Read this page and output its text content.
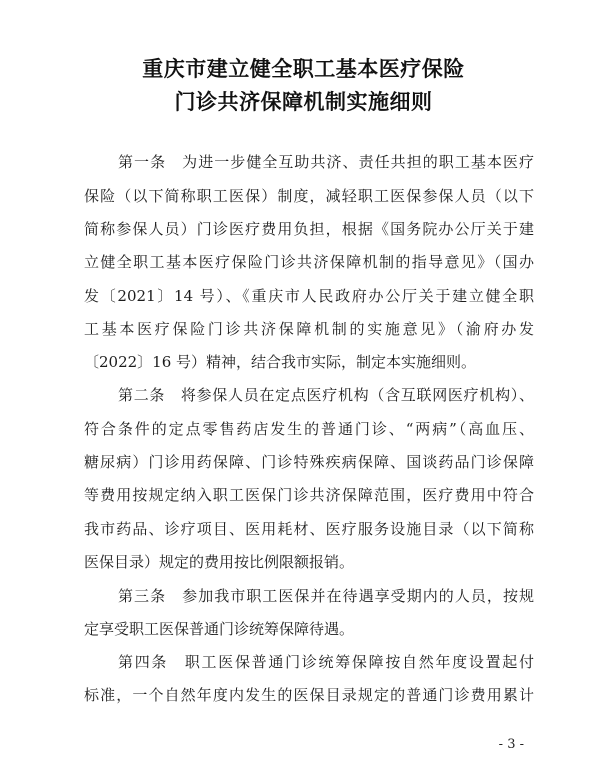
重庆市建立健全职工基本医疗保险
门诊共济保障机制实施细则
第一条　为进一步健全互助共济、责任共担的职工基本医疗
保险（以下简称职工医保）制度，减轻职工医保参保人员（以下
简称参保人员）门诊医疗费用负担，根据《国务院办公厅关于建
立健全职工基本医疗保险门诊共济保障机制的指导意见》（国办
发〔2021〕14 号）、《重庆市人民政府办公厅关于建立健全职
工基本医疗保险门诊共济保障机制的实施意见》（渝府办发
〔2022〕16 号）精神，结合我市实际，制定本实施细则。
第二条　将参保人员在定点医疗机构（含互联网医疗机构）、
符合条件的定点零售药店发生的普通门诊、“两病”（高血压、
糖尿病）门诊用药保障、门诊特殊疾病保障、国谈药品门诊保障
等费用按规定纳入职工医保门诊共济保障范围，医疗费用中符合
我市药品、诊疗项目、医用耗材、医疗服务设施目录（以下简称
医保目录）规定的费用按比例限额报销。
第三条　参加我市职工医保并在待遇享受期内的人员，按规
定享受职工医保普通门诊统筹保障待遇。
第四条　职工医保普通门诊统筹保障按自然年度设置起付
标准，一个自然年度内发生的医保目录规定的普通门诊费用累计
- 3 -
